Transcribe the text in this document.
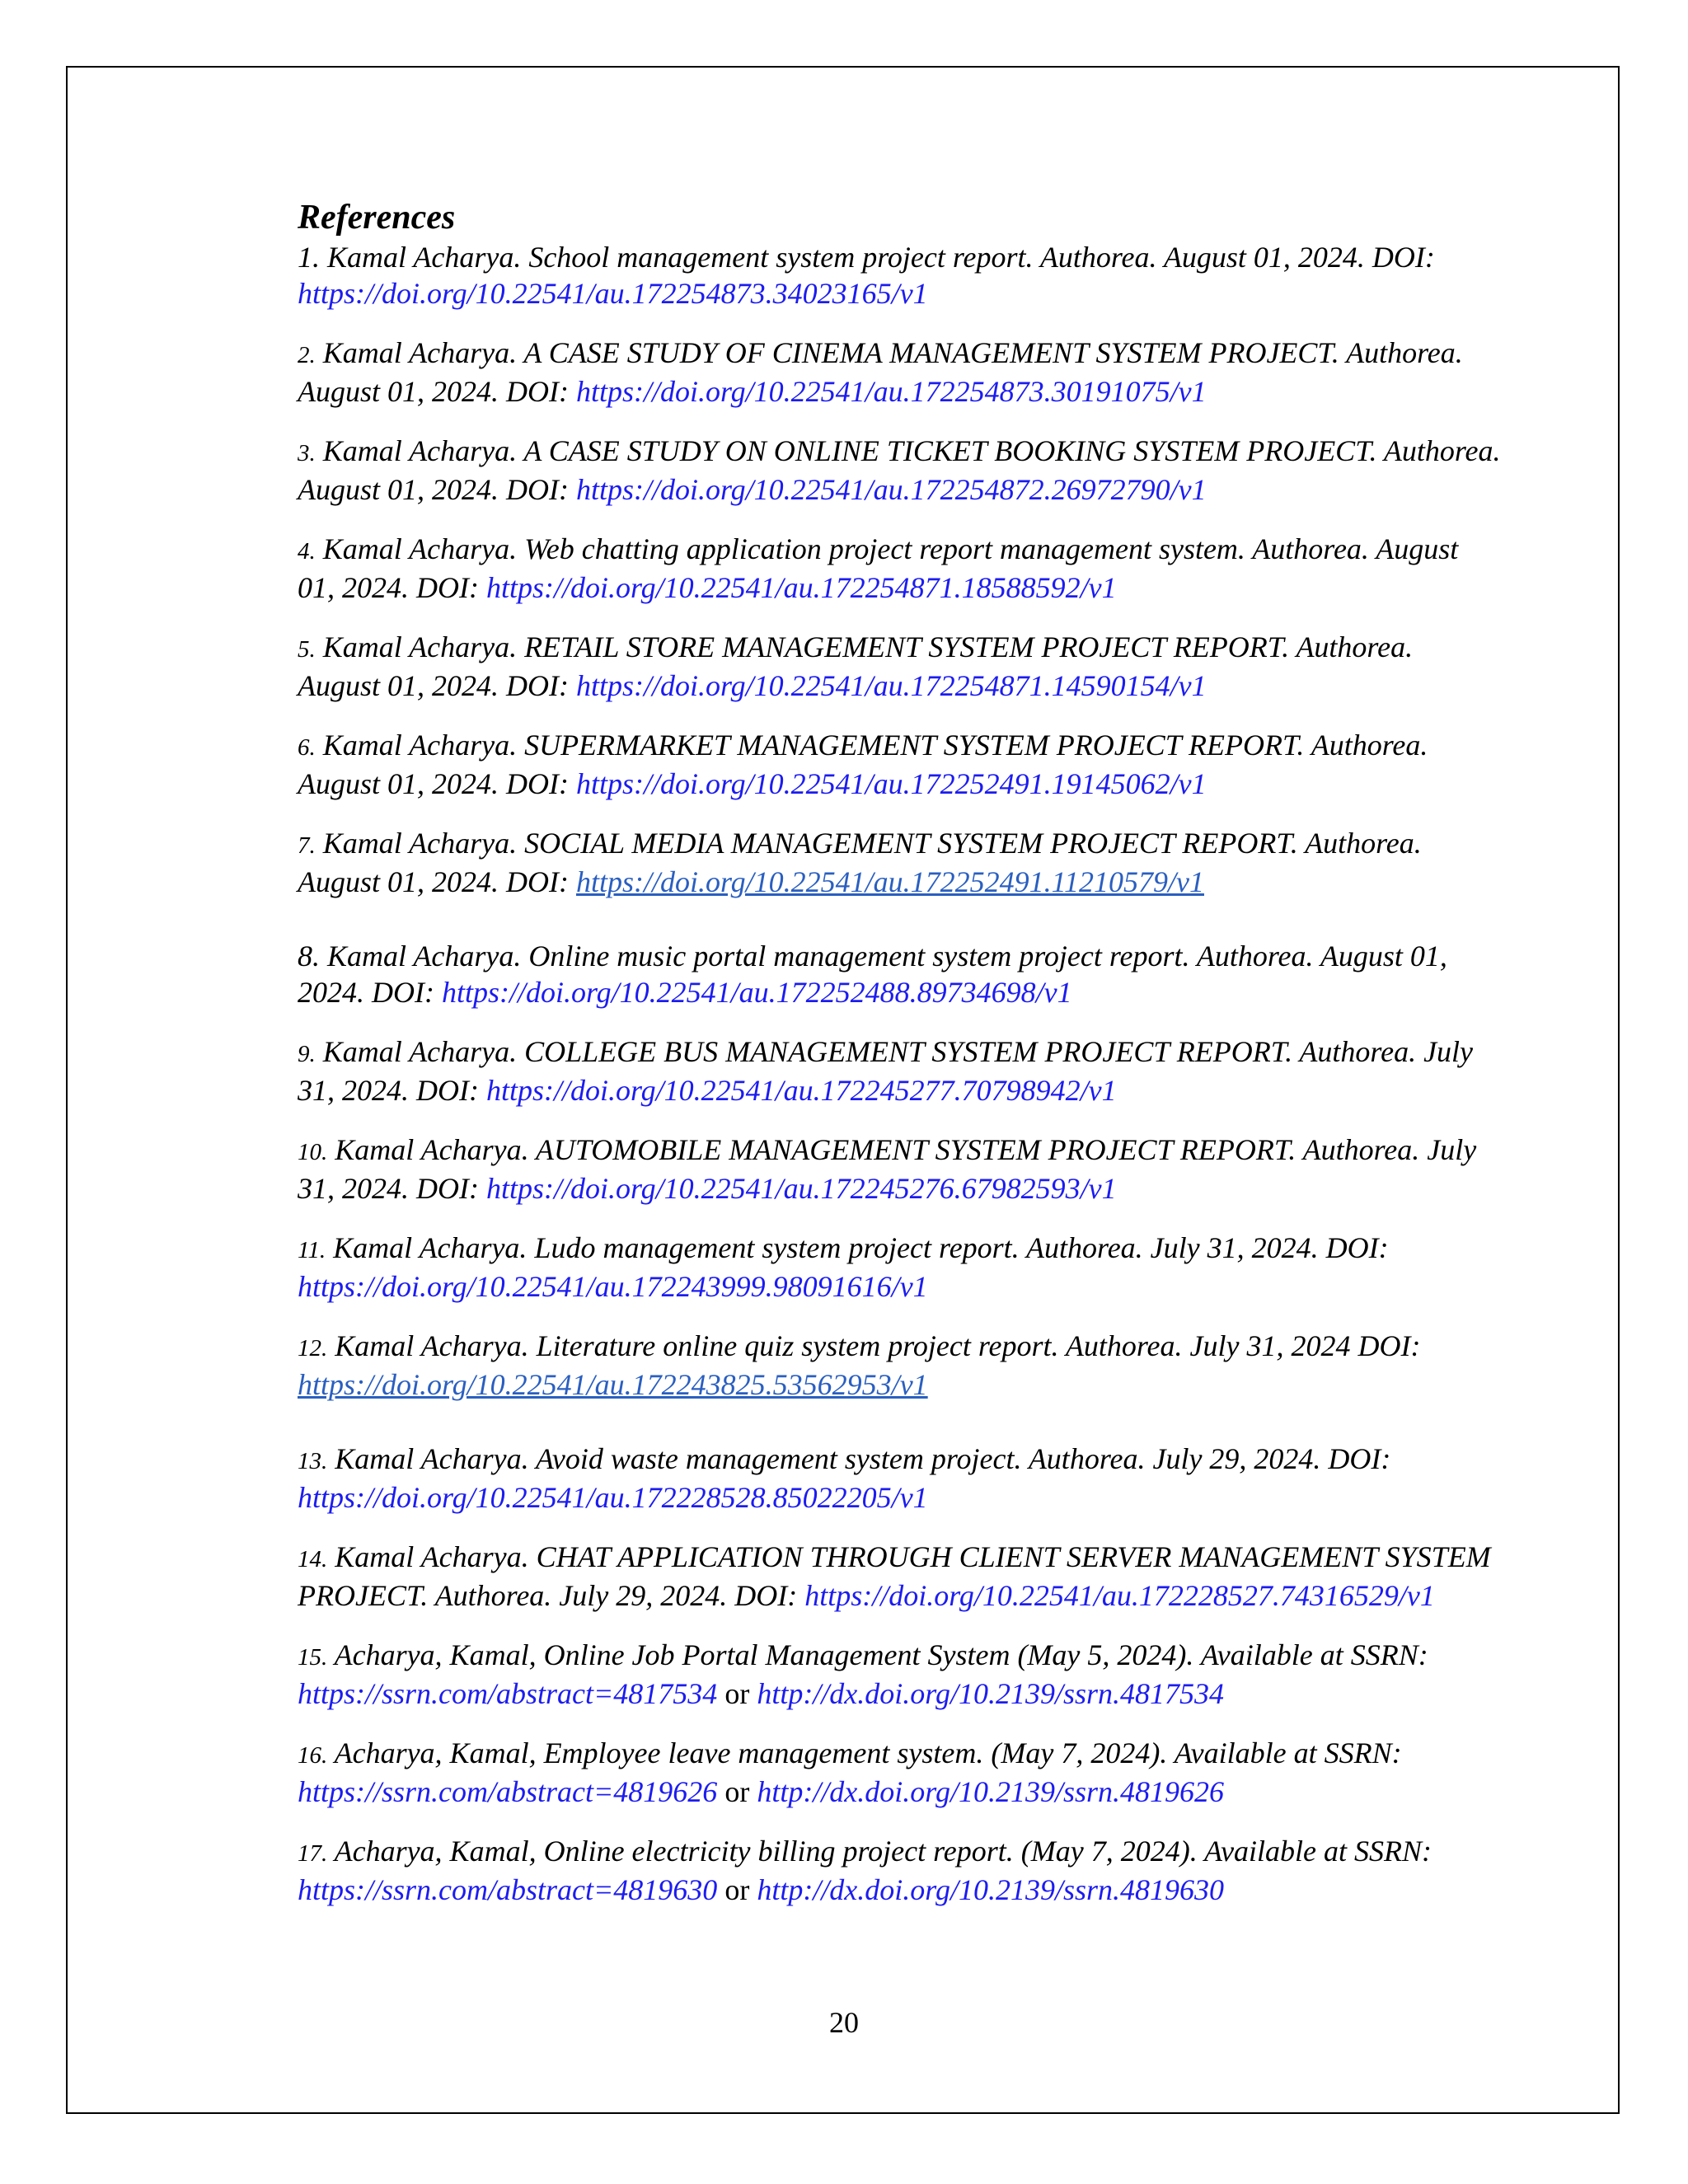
References

1. Kamal Acharya. School management system project report. Authorea. August 01, 2024. DOI: https://doi.org/10.22541/au.172254873.34023165/v1

2. Kamal Acharya. A CASE STUDY OF CINEMA MANAGEMENT SYSTEM PROJECT. Authorea. August 01, 2024. DOI: https://doi.org/10.22541/au.172254873.30191075/v1

3. Kamal Acharya. A CASE STUDY ON ONLINE TICKET BOOKING SYSTEM PROJECT. Authorea. August 01, 2024. DOI: https://doi.org/10.22541/au.172254872.26972790/v1

4. Kamal Acharya. Web chatting application project report management system. Authorea. August 01, 2024. DOI: https://doi.org/10.22541/au.172254871.18588592/v1

5. Kamal Acharya. RETAIL STORE MANAGEMENT SYSTEM PROJECT REPORT. Authorea. August 01, 2024. DOI: https://doi.org/10.22541/au.172254871.14590154/v1

6. Kamal Acharya. SUPERMARKET MANAGEMENT SYSTEM PROJECT REPORT. Authorea. August 01, 2024. DOI: https://doi.org/10.22541/au.172252491.19145062/v1

7. Kamal Acharya. SOCIAL MEDIA MANAGEMENT SYSTEM PROJECT REPORT. Authorea. August 01, 2024. DOI: https://doi.org/10.22541/au.172252491.11210579/v1

8. Kamal Acharya. Online music portal management system project report. Authorea. August 01, 2024. DOI: https://doi.org/10.22541/au.172252488.89734698/v1

9. Kamal Acharya. COLLEGE BUS MANAGEMENT SYSTEM PROJECT REPORT. Authorea. July 31, 2024. DOI: https://doi.org/10.22541/au.172245277.70798942/v1

10. Kamal Acharya. AUTOMOBILE MANAGEMENT SYSTEM PROJECT REPORT. Authorea. July 31, 2024. DOI: https://doi.org/10.22541/au.172245276.67982593/v1

11. Kamal Acharya. Ludo management system project report. Authorea. July 31, 2024. DOI: https://doi.org/10.22541/au.172243999.98091616/v1

12. Kamal Acharya. Literature online quiz system project report. Authorea. July 31, 2024 DOI: https://doi.org/10.22541/au.172243825.53562953/v1

13. Kamal Acharya. Avoid waste management system project. Authorea. July 29, 2024. DOI: https://doi.org/10.22541/au.172228528.85022205/v1

14. Kamal Acharya. CHAT APPLICATION THROUGH CLIENT SERVER MANAGEMENT SYSTEM PROJECT. Authorea. July 29, 2024. DOI: https://doi.org/10.22541/au.172228527.74316529/v1

15. Acharya, Kamal, Online Job Portal Management System (May 5, 2024). Available at SSRN: https://ssrn.com/abstract=4817534 or http://dx.doi.org/10.2139/ssrn.4817534

16. Acharya, Kamal, Employee leave management system. (May 7, 2024). Available at SSRN: https://ssrn.com/abstract=4819626 or http://dx.doi.org/10.2139/ssrn.4819626

17. Acharya, Kamal, Online electricity billing project report. (May 7, 2024). Available at SSRN: https://ssrn.com/abstract=4819630 or http://dx.doi.org/10.2139/ssrn.4819630

20
